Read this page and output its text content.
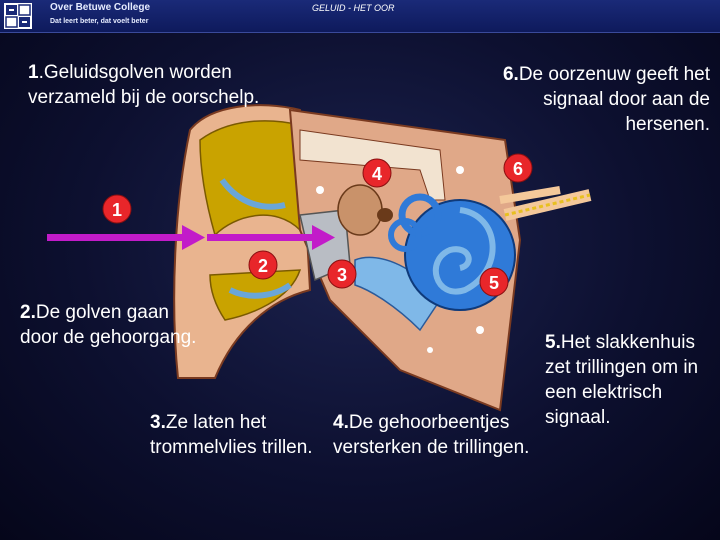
Over Betuwe College
Dat leert beter, dat voelt beter
GELUID - HET OOR
1
2	3
4
5
6
1.Geluidsgolven worden verzameld bij de oorschelp.
2.De golven gaan door de gehoorgang.
3.Ze laten het trommelvlies trillen.
4.De gehoorbeentjes versterken de trillingen.
5.Het slakkenhuis zet trillingen om in een elektrisch signaal.
6.De oorzenuw geeft het signaal door aan de hersenen.
